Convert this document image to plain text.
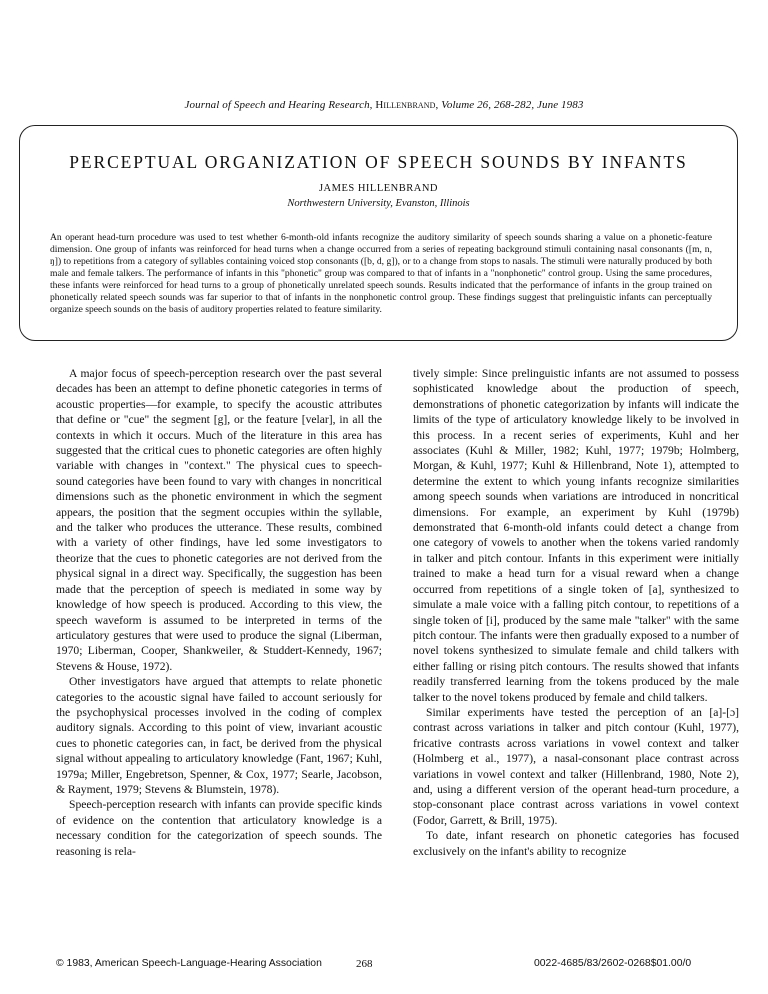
Journal of Speech and Hearing Research, Hillenbrand, Volume 26, 268-282, June 1983
PERCEPTUAL ORGANIZATION OF SPEECH SOUNDS BY INFANTS
JAMES HILLENBRAND
Northwestern University, Evanston, Illinois

An operant head-turn procedure was used to test whether 6-month-old infants recognize the auditory similarity of speech sounds sharing a value on a phonetic-feature dimension. One group of infants was reinforced for head turns when a change occurred from a series of repeating background stimuli containing nasal consonants ([m, n, ŋ]) to repetitions from a category of syllables containing voiced stop consonants ([b, d, g]), or to a change from stops to nasals. The stimuli were naturally produced by both male and female talkers. The performance of infants in this "phonetic" group was compared to that of infants in a "nonphonetic" control group. Using the same procedures, these infants were reinforced for head turns to a group of phonetically unrelated speech sounds. Results indicated that the performance of infants in the group trained on phonetically related speech sounds was far superior to that of infants in the nonphonetic control group. These findings suggest that prelinguistic infants can perceptually organize speech sounds on the basis of auditory properties related to feature similarity.

A major focus of speech-perception research over the past several decades has been an attempt to define phonetic categories in terms of acoustic properties—for example, to specify the acoustic attributes that define or "cue" the segment [g], or the feature [velar], in all the contexts in which it occurs. Much of the literature in this area has suggested that the critical cues to phonetic categories are often highly variable with changes in "context." The physical cues to speech-sound categories have been found to vary with changes in noncritical dimensions such as the phonetic environment in which the segment appears, the position that the segment occupies within the syllable, and the talker who produces the utterance. These results, combined with a variety of other findings, have led some investigators to theorize that the cues to phonetic categories are not derived from the physical signal in a direct way. Specifically, the suggestion has been made that the perception of speech is mediated in some way by knowledge of how speech is produced. According to this view, the speech waveform is assumed to be interpreted in terms of the articulatory gestures that were used to produce the signal (Liberman, 1970; Liberman, Cooper, Shankweiler, & Studdert-Kennedy, 1967; Stevens & House, 1972).

Other investigators have argued that attempts to relate phonetic categories to the acoustic signal have failed to account seriously for the psychophysical processes involved in the coding of complex auditory signals. According to this point of view, invariant acoustic cues to phonetic categories can, in fact, be derived from the physical signal without appealing to articulatory knowledge (Fant, 1967; Kuhl, 1979a; Miller, Engebretson, Spenner, & Cox, 1977; Searle, Jacobson, & Rayment, 1979; Stevens & Blumstein, 1978).

Speech-perception research with infants can provide specific kinds of evidence on the contention that articulatory knowledge is a necessary condition for the categorization of speech sounds. The reasoning is rela-

tively simple: Since prelinguistic infants are not assumed to possess sophisticated knowledge about the production of speech, demonstrations of phonetic categorization by infants will indicate the limits of the type of articulatory knowledge likely to be involved in this process. In a recent series of experiments, Kuhl and her associates (Kuhl & Miller, 1982; Kuhl, 1977; 1979b; Holmberg, Morgan, & Kuhl, 1977; Kuhl & Hillenbrand, Note 1), attempted to determine the extent to which young infants recognize similarities among speech sounds when variations are introduced in noncritical dimensions. For example, an experiment by Kuhl (1979b) demonstrated that 6-month-old infants could detect a change from one category of vowels to another when the tokens varied randomly in talker and pitch contour. Infants in this experiment were initially trained to make a head turn for a visual reward when a change occurred from repetitions of a single token of [a], synthesized to simulate a male voice with a falling pitch contour, to repetitions of a single token of [i], produced by the same male "talker" with the same pitch contour. The infants were then gradually exposed to a number of novel tokens synthesized to simulate female and child talkers with either falling or rising pitch contours. The results showed that infants readily transferred learning from the tokens produced by the male talker to the novel tokens produced by female and child talkers.

Similar experiments have tested the perception of an [a]-[ɔ] contrast across variations in talker and pitch contour (Kuhl, 1977), fricative contrasts across variations in vowel context and talker (Holmberg et al., 1977), a nasal-consonant place contrast across variations in vowel context and talker (Hillenbrand, 1980, Note 2), and, using a different version of the operant head-turn procedure, a stop-consonant place contrast across variations in vowel context (Fodor, Garrett, & Brill, 1975).

To date, infant research on phonetic categories has focused exclusively on the infant's ability to recognize

© 1983, American Speech-Language-Hearing Association	268	0022-4685/83/2602-0268$01.00/0
